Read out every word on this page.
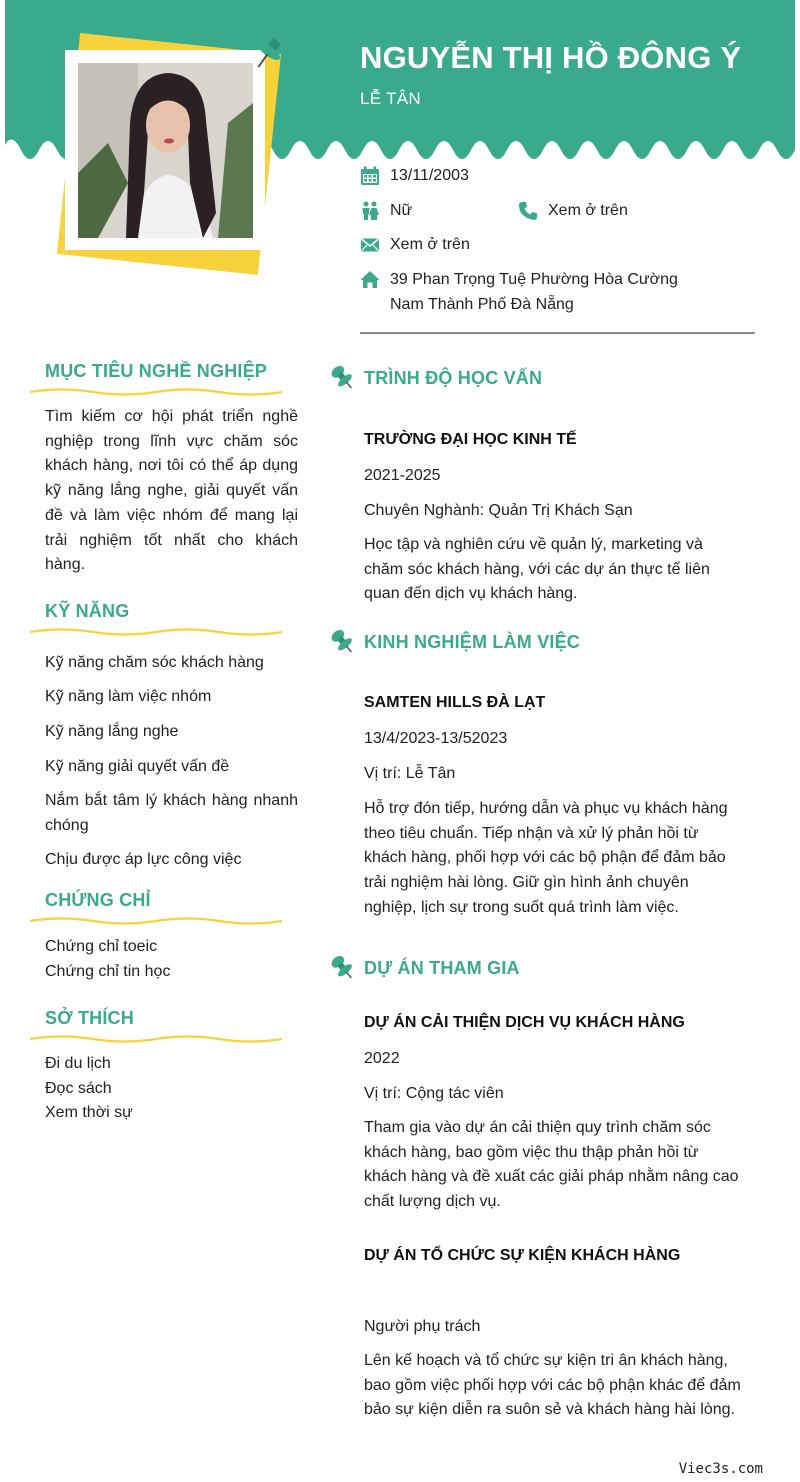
NGUYỄN THỊ HỒ ĐÔNG Ý
LỄ TÂN
13/11/2003
Nữ	Xem ở trên
Xem ở trên
39 Phan Trọng Tuệ Phường Hòa Cường
Nam Thành Phố Đà Nẵng
MỤC TIÊU NGHỀ NGHIỆP
Tìm kiếm cơ hội phát triển nghề nghiệp trong lĩnh vực chăm sóc khách hàng, nơi tôi có thể áp dụng kỹ năng lắng nghe, giải quyết vấn đề và làm việc nhóm để mang lại trải nghiệm tốt nhất cho khách hàng.
KỸ NĂNG
Kỹ năng chăm sóc khách hàng
Kỹ năng làm việc nhóm
Kỹ năng lắng nghe
Kỹ năng giải quyết vấn đề
Nắm bắt tâm lý khách hàng nhanh chóng
Chịu được áp lực công việc
CHỨNG CHỈ
Chứng chỉ toeic
Chứng chỉ tin học
SỞ THÍCH
Đi du lịch
Đọc sách
Xem thời sự
TRÌNH ĐỘ HỌC VẤN
TRƯỜNG ĐẠI HỌC KINH TẾ
2021-2025
Chuyên Nghành: Quản Trị Khách Sạn
Học tập và nghiên cứu về quản lý, marketing và chăm sóc khách hàng, với các dự án thực tế liên quan đến dịch vụ khách hàng.
KINH NGHIỆM LÀM VIỆC
SAMTEN HILLS ĐÀ LẠT
13/4/2023-13/52023
Vị trí: Lễ Tân
Hỗ trợ đón tiếp, hướng dẫn và phục vụ khách hàng theo tiêu chuẩn. Tiếp nhận và xử lý phản hồi từ khách hàng, phối hợp với các bộ phận để đảm bảo trải nghiệm hài lòng. Giữ gìn hình ảnh chuyên nghiệp, lịch sự trong suốt quá trình làm việc.
DỰ ÁN THAM GIA
DỰ ÁN CẢI THIỆN DỊCH VỤ KHÁCH HÀNG
2022
Vị trí: Cộng tác viên
Tham gia vào dự án cải thiện quy trình chăm sóc khách hàng, bao gồm việc thu thập phản hồi từ khách hàng và đề xuất các giải pháp nhằm nâng cao chất lượng dịch vụ.
DỰ ÁN TỔ CHỨC SỰ KIỆN KHÁCH HÀNG
Người phụ trách
Lên kế hoạch và tổ chức sự kiện tri ân khách hàng, bao gồm việc phối hợp với các bộ phận khác để đảm bảo sự kiện diễn ra suôn sẻ và khách hàng hài lòng.
Viec3s.com
